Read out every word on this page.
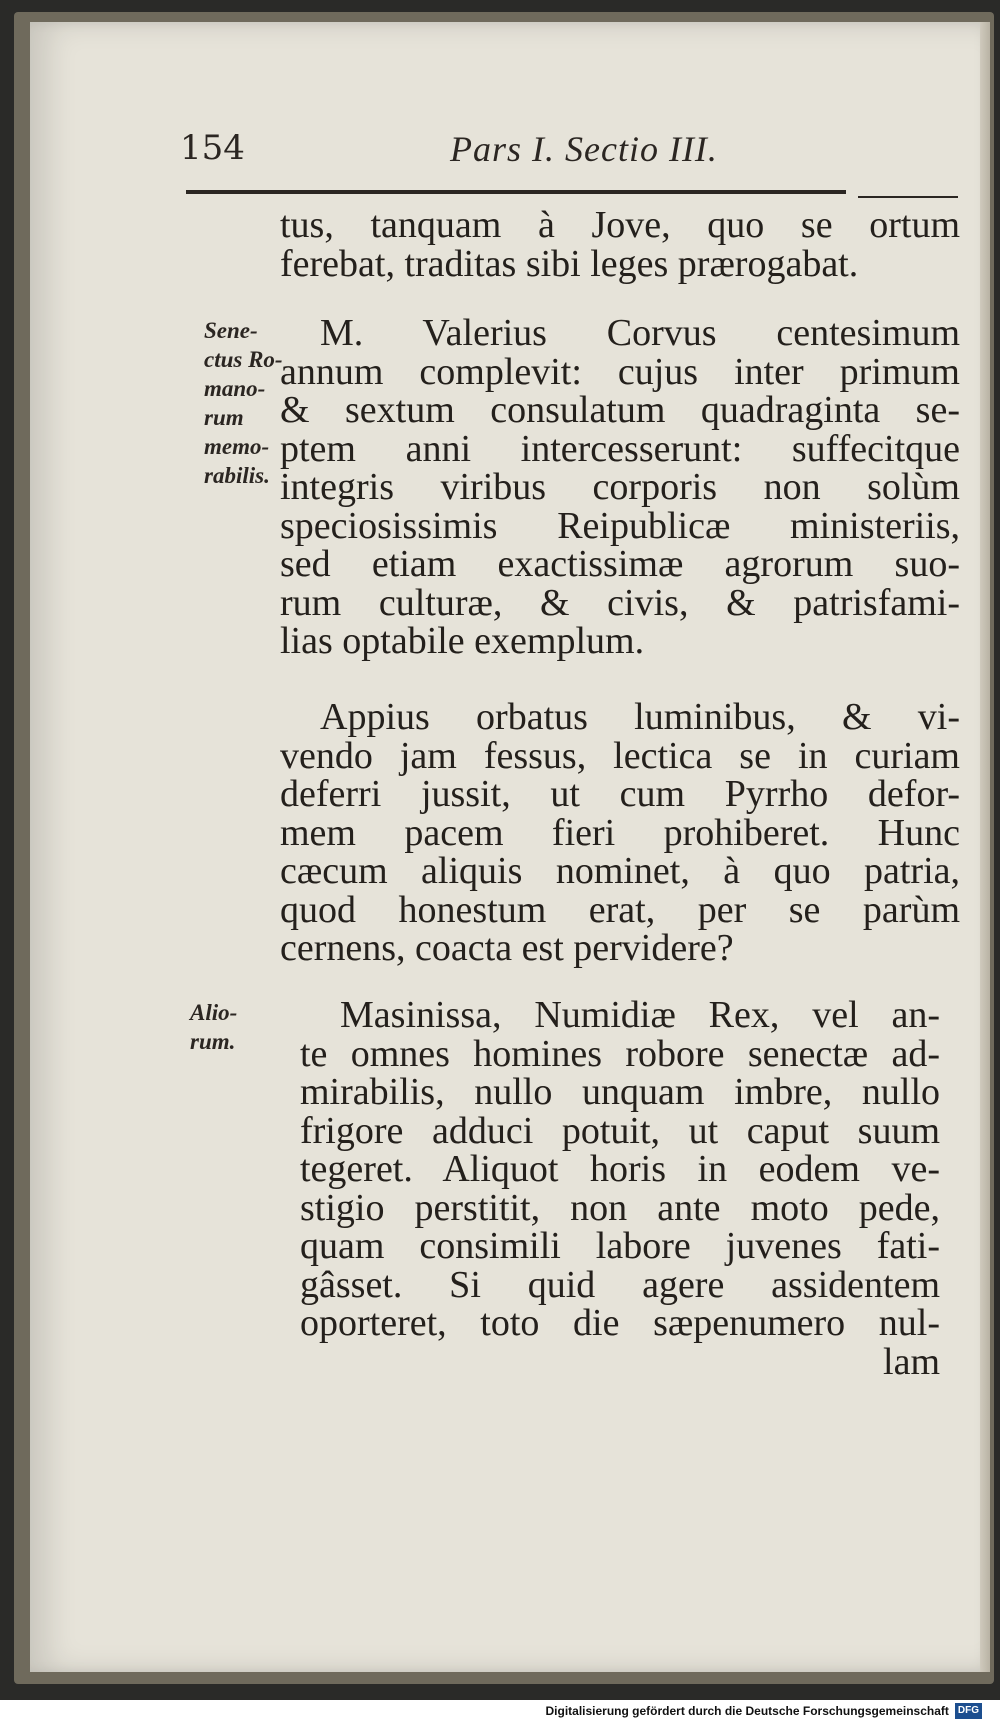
154	Pars I. Sectio III.
tus, tanquam à Jove, quo se ortum
ferebat, traditas sibi leges prærogabat.
Sene-
ctus Ro-
mano-
rum
memo-
rabilis.
M. Valerius Corvus centesimum
annum complevit: cujus inter primum
& sextum consulatum quadraginta se-
ptem anni intercesserunt: suffecitque
integris viribus corporis non solùm
speciosissimis Reipublicæ ministeriis,
sed etiam exactissimæ agrorum suo-
rum culturæ, & civis, & patrisfami-
lias optabile exemplum.
Appius orbatus luminibus, & vi-
vendo jam fessus, lectica se in curiam
deferri jussit, ut cum Pyrrho defor-
mem pacem fieri prohiberet. Hunc
cæcum aliquis nominet, à quo patria,
quod honestum erat, per se parùm
cernens, coacta est pervidere?
Alio-
rum.
Masinissa, Numidiæ Rex, vel an-
te omnes homines robore senectæ ad-
mirabilis, nullo unquam imbre, nullo
frigore adduci potuit, ut caput suum
tegeret. Aliquot horis in eodem ve-
stigio perstitit, non ante moto pede,
quam consimili labore juvenes fati-
gâsset. Si quid agere assidentem
oporteret, toto die sæpenumero nul-
lam
Digitalisierung gefördert durch die Deutsche Forschungsgemeinschaft DFG
